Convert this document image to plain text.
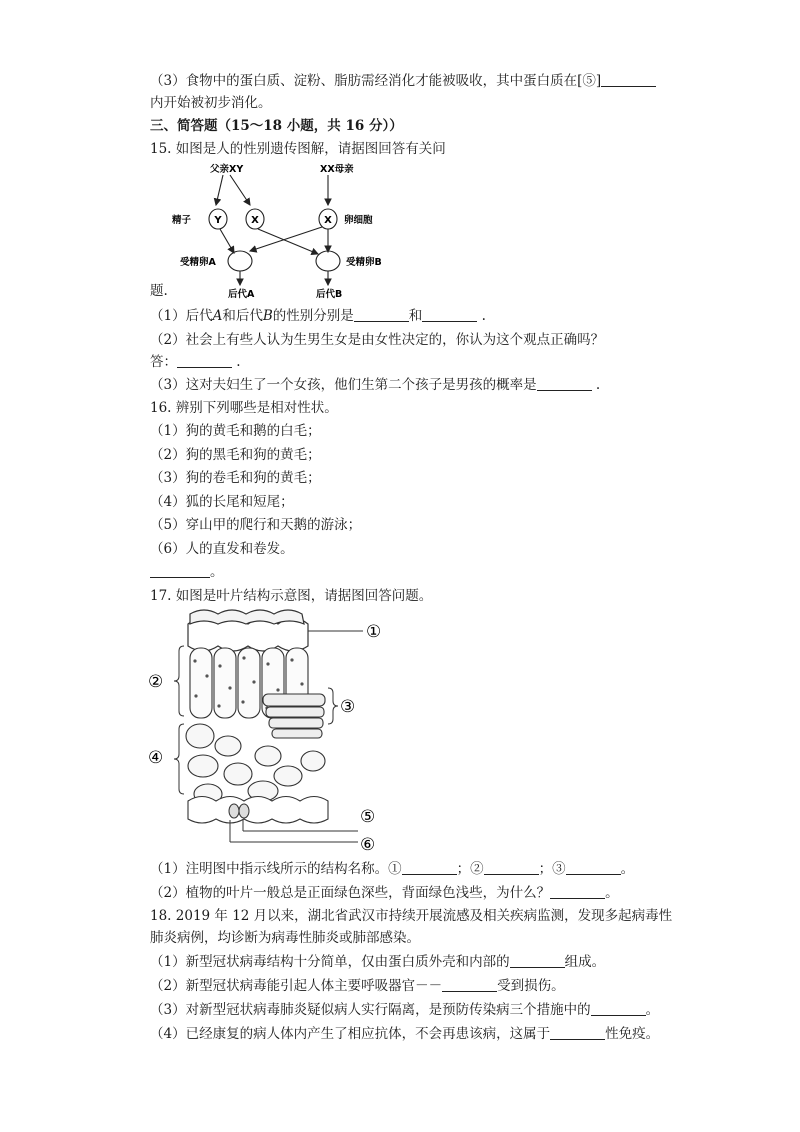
（3）食物中的蛋白质、淀粉、脂肪需经消化才能被吸收，其中蛋白质在[⑤]
内开始被初步消化。
三、简答题（15～18 小题，共 16 分））
15. 如图是人的性别遗传图解，请据图回答有关问
父亲XY	XX母亲
精子 Y	X	X 卵细胞
受精卵A	受精卵B
后代A	后代B
题.
（1）后代A和后代B的性别分别是	和	.
（2）社会上有些人认为生男生女是由女性决定的，你认为这个观点正确吗？
答：	.
（3）这对夫妇生了一个女孩，他们生第二个孩子是男孩的概率是	.
16. 辨别下列哪些是相对性状。
（1）狗的黄毛和鹅的白毛；
（2）狗的黑毛和狗的黄毛；
（3）狗的卷毛和狗的黄毛；
（4）狐的长尾和短尾；
（5）穿山甲的爬行和天鹅的游泳；
（6）人的直发和卷发。
。
17. 如图是叶片结构示意图，请据图回答问题。
①
②
③
④
⑤
⑥
（1）注明图中指示线所示的结构名称。①	；②	；③	。
（2）植物的叶片一般总是正面绿色深些，背面绿色浅些，为什么？	。
18. 2019 年 12 月以来，湖北省武汉市持续开展流感及相关疾病监测，发现多起病毒性
肺炎病例，均诊断为病毒性肺炎或肺部感染。
（1）新型冠状病毒结构十分简单，仅由蛋白质外壳和内部的	组成。
（2）新型冠状病毒能引起人体主要呼吸器官－－	受到损伤。
（3）对新型冠状病毒肺炎疑似病人实行隔离，是预防传染病三个措施中的	。
（4）已经康复的病人体内产生了相应抗体，不会再患该病，这属于	性免疫。
